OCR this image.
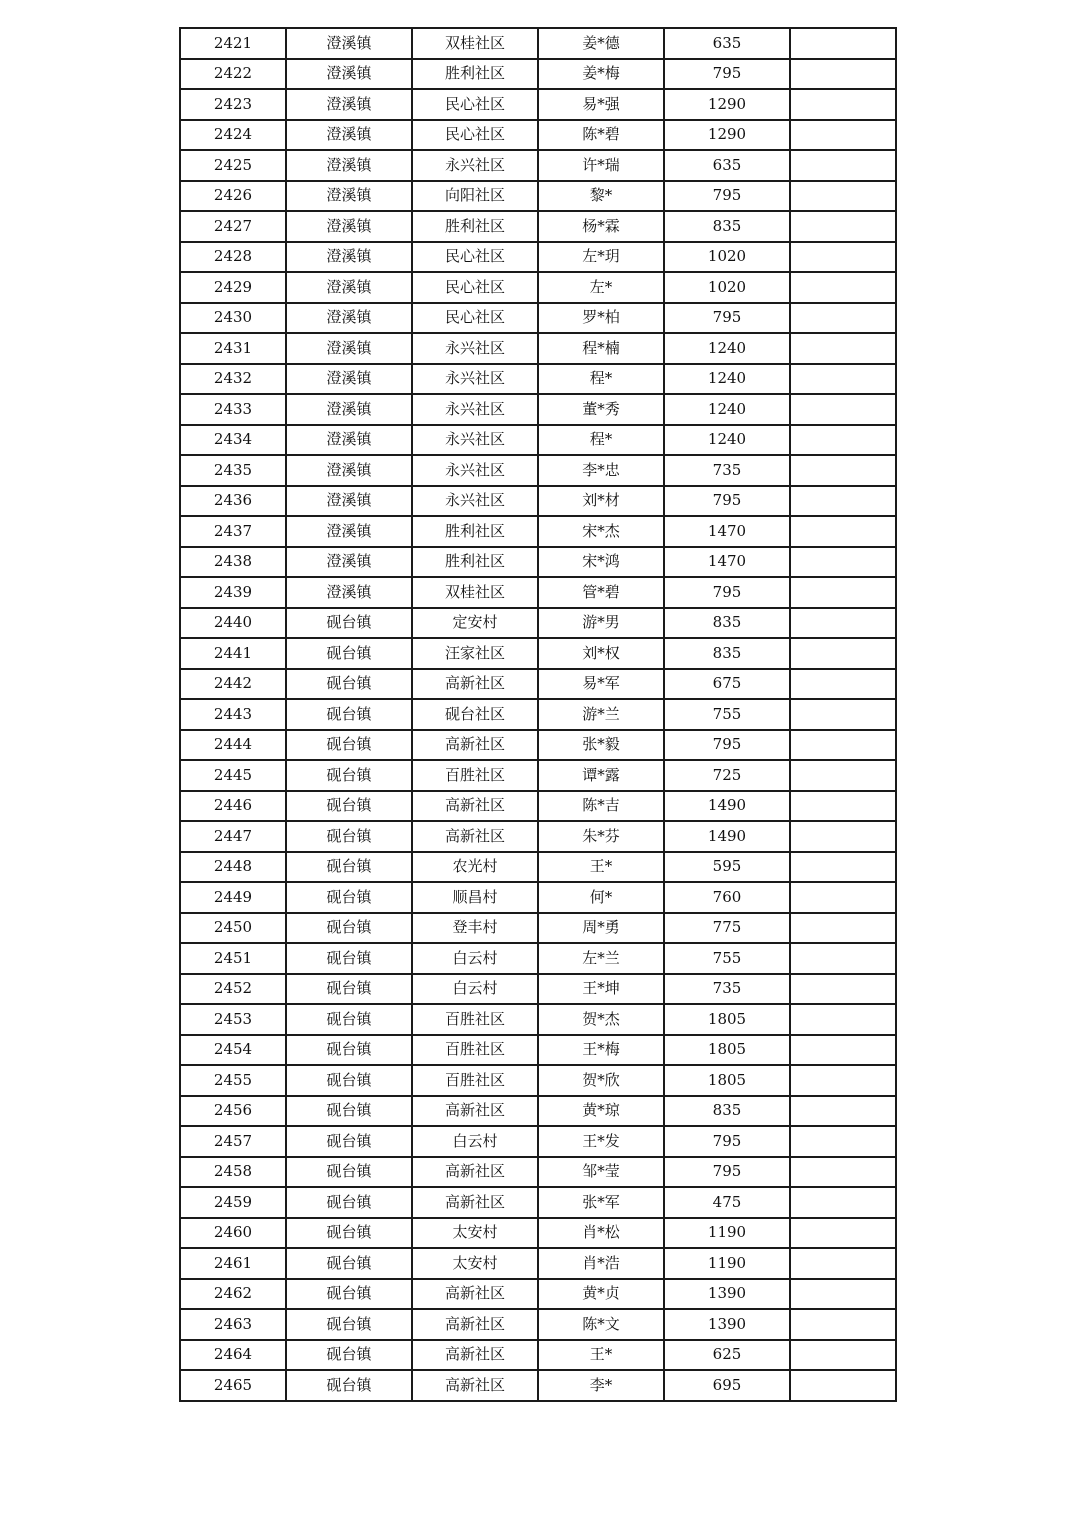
2421	澄溪镇	双桂社区	姜*德	635	
2422	澄溪镇	胜利社区	姜*梅	795	
2423	澄溪镇	民心社区	易*强	1290	
2424	澄溪镇	民心社区	陈*碧	1290	
2425	澄溪镇	永兴社区	许*瑞	635	
2426	澄溪镇	向阳社区	黎*	795	
2427	澄溪镇	胜利社区	杨*霖	835	
2428	澄溪镇	民心社区	左*玥	1020	
2429	澄溪镇	民心社区	左*	1020	
2430	澄溪镇	民心社区	罗*柏	795	
2431	澄溪镇	永兴社区	程*楠	1240	
2432	澄溪镇	永兴社区	程*	1240	
2433	澄溪镇	永兴社区	董*秀	1240	
2434	澄溪镇	永兴社区	程*	1240	
2435	澄溪镇	永兴社区	李*忠	735	
2436	澄溪镇	永兴社区	刘*材	795	
2437	澄溪镇	胜利社区	宋*杰	1470	
2438	澄溪镇	胜利社区	宋*鸿	1470	
2439	澄溪镇	双桂社区	管*碧	795	
2440	砚台镇	定安村	游*男	835	
2441	砚台镇	汪家社区	刘*权	835	
2442	砚台镇	高新社区	易*军	675	
2443	砚台镇	砚台社区	游*兰	755	
2444	砚台镇	高新社区	张*毅	795	
2445	砚台镇	百胜社区	谭*露	725	
2446	砚台镇	高新社区	陈*吉	1490	
2447	砚台镇	高新社区	朱*芬	1490	
2448	砚台镇	农光村	王*	595	
2449	砚台镇	顺昌村	何*	760	
2450	砚台镇	登丰村	周*勇	775	
2451	砚台镇	白云村	左*兰	755	
2452	砚台镇	白云村	王*坤	735	
2453	砚台镇	百胜社区	贺*杰	1805	
2454	砚台镇	百胜社区	王*梅	1805	
2455	砚台镇	百胜社区	贺*欣	1805	
2456	砚台镇	高新社区	黄*琼	835	
2457	砚台镇	白云村	王*发	795	
2458	砚台镇	高新社区	邹*莹	795	
2459	砚台镇	高新社区	张*军	475	
2460	砚台镇	太安村	肖*松	1190	
2461	砚台镇	太安村	肖*浩	1190	
2462	砚台镇	高新社区	黄*贞	1390	
2463	砚台镇	高新社区	陈*文	1390	
2464	砚台镇	高新社区	王*	625	
2465	砚台镇	高新社区	李*	695	
